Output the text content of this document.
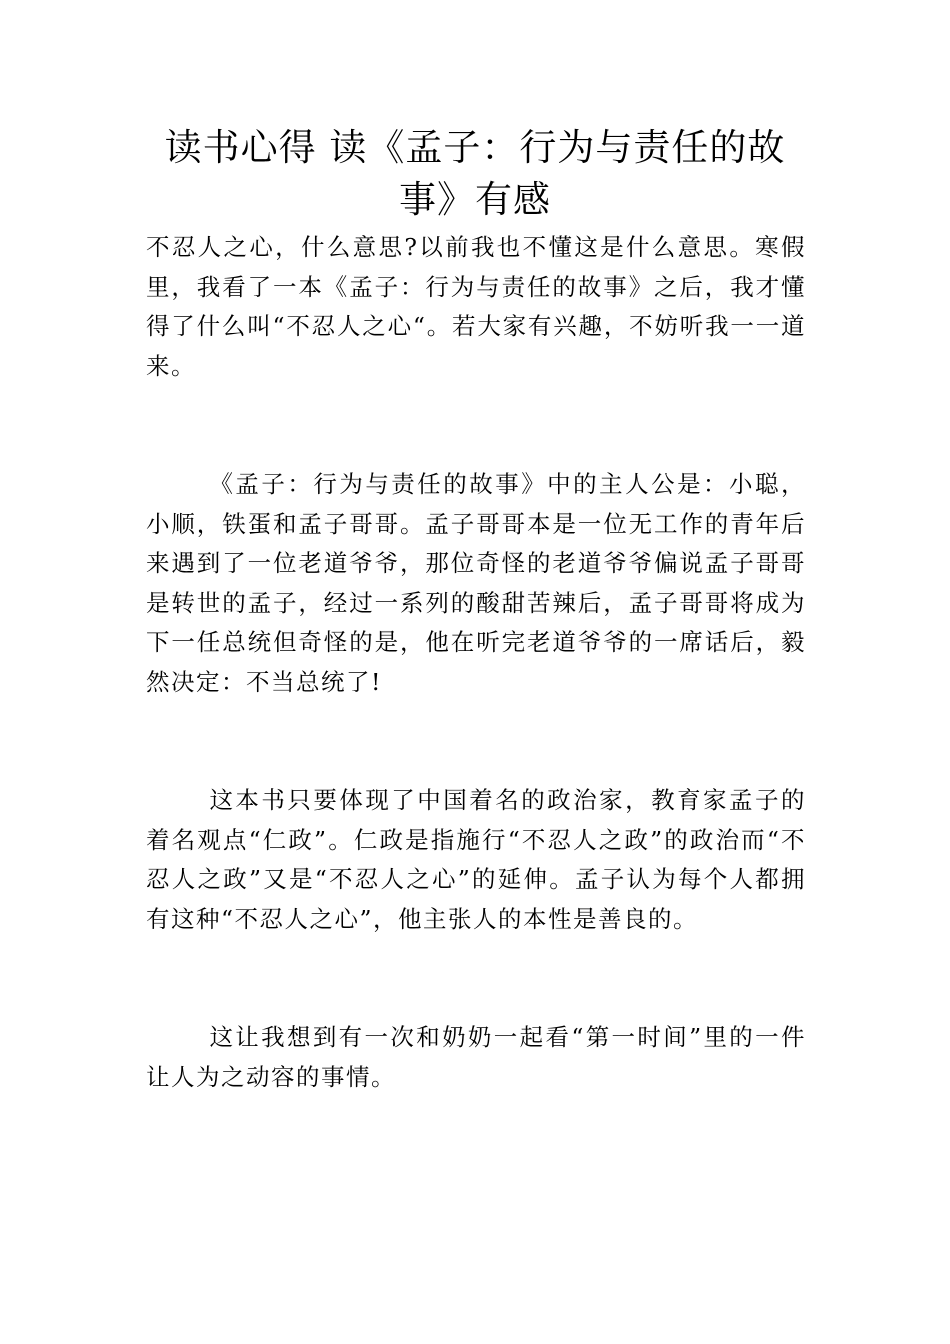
读书心得 读《孟子：行为与责任的故事》有感

不忍人之心，什么意思?以前我也不懂这是什么意思。寒假里，我看了一本《孟子：行为与责任的故事》之后，我才懂得了什么叫“不忍人之心“。若大家有兴趣，不妨听我一一道来。

《孟子：行为与责任的故事》中的主人公是：小聪，小顺，铁蛋和孟子哥哥。孟子哥哥本是一位无工作的青年后来遇到了一位老道爷爷，那位奇怪的老道爷爷偏说孟子哥哥是转世的孟子，经过一系列的酸甜苦辣后，孟子哥哥将成为下一任总统但奇怪的是，他在听完老道爷爷的一席话后，毅然决定：不当总统了!

这本书只要体现了中国着名的政治家，教育家孟子的着名观点“仁政”。仁政是指施行“不忍人之政”的政治而“不忍人之政”又是“不忍人之心”的延伸。孟子认为每个人都拥有这种“不忍人之心”，他主张人的本性是善良的。

这让我想到有一次和奶奶一起看“第一时间”里的一件让人为之动容的事情。
